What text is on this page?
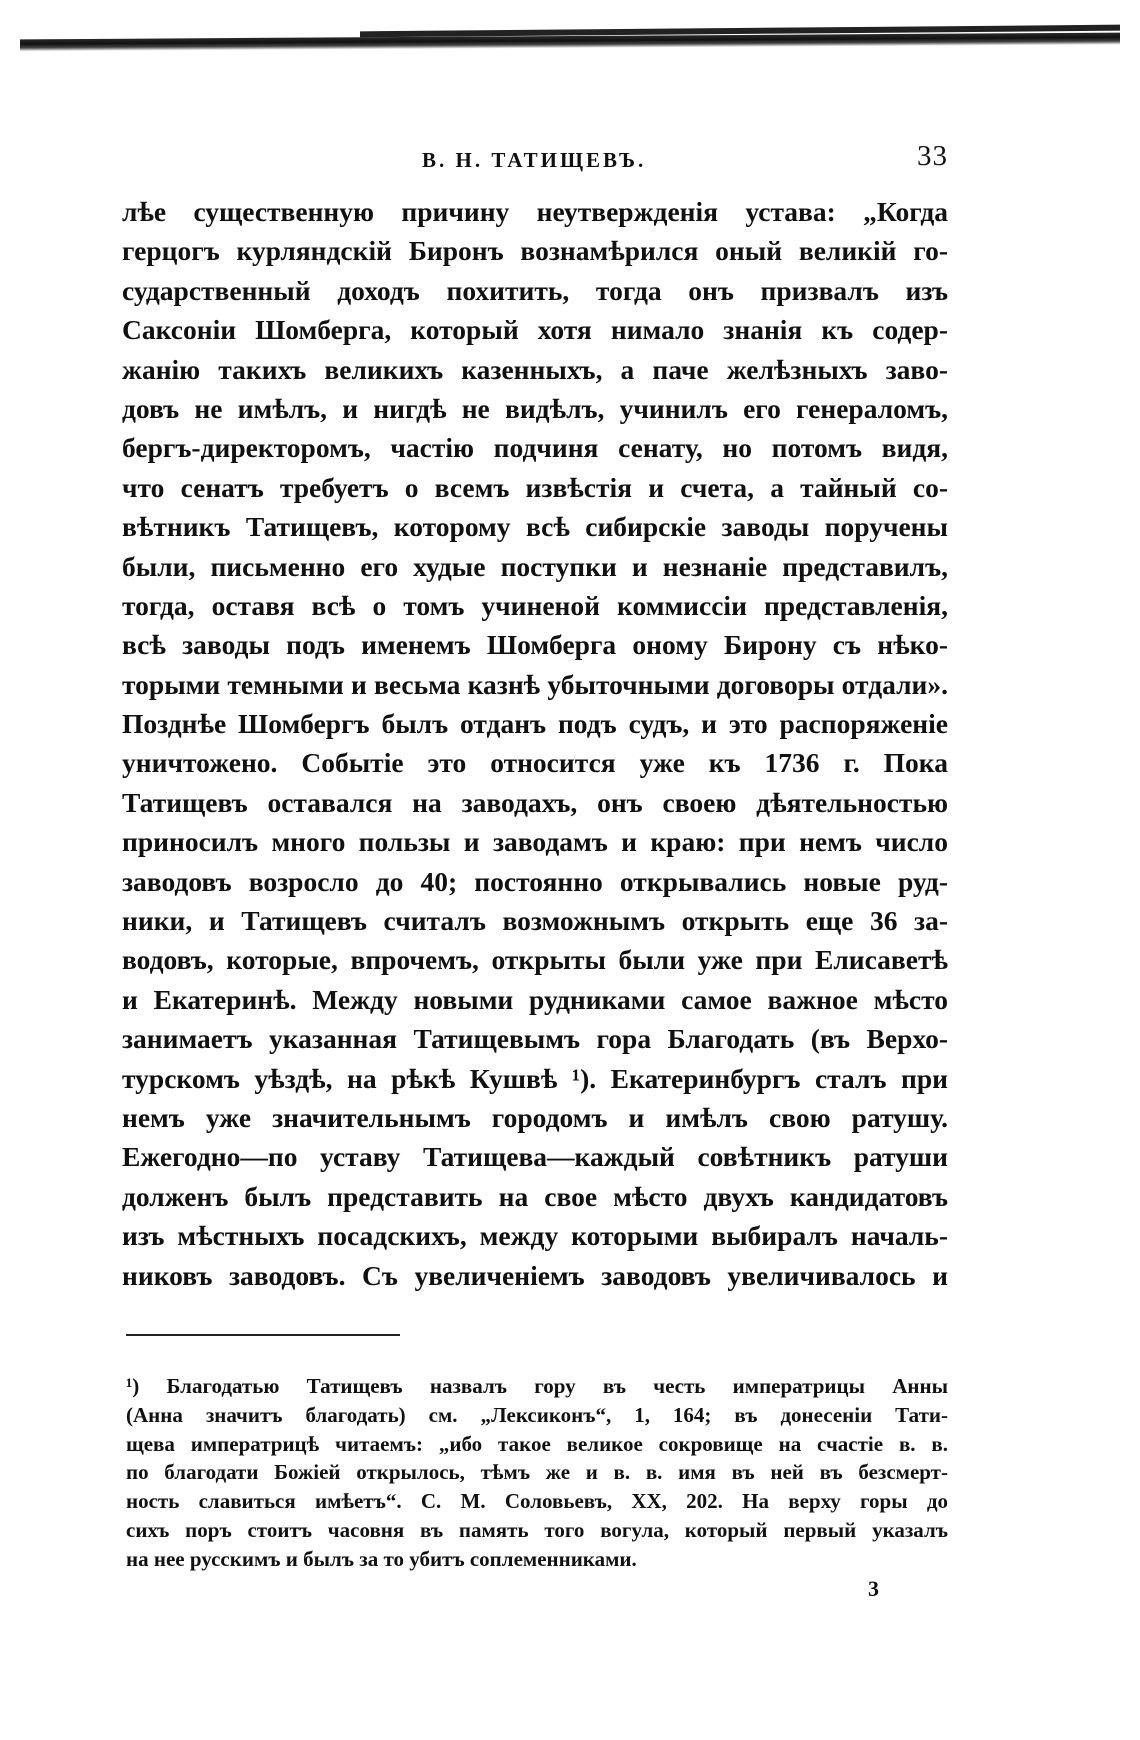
В. Н. ТАТИЩЕВЪ.	33
лѣе существенную причину неутвержденія устава: „Когда
герцогъ курляндскій Биронъ вознамѣрился оный великій го-
сударственный доходъ похитить, тогда онъ призвалъ изъ
Саксоніи Шомберга, который хотя нимало знанія къ содер-
жанію такихъ великихъ казенныхъ, а паче желѣзныхъ заво-
довъ не имѣлъ, и нигдѣ не видѣлъ, учинилъ его генераломъ,
бергъ-директоромъ, частію подчиня сенату, но потомъ видя,
что сенатъ требуетъ о всемъ извѣстія и счета, а тайный со-
вѣтникъ Татищевъ, которому всѣ сибирскіе заводы поручены
были, письменно его худые поступки и незнаніе представилъ,
тогда, оставя всѣ о томъ учиненой коммиссіи представленія,
всѣ заводы подъ именемъ Шомберга оному Бирону съ нѣко-
торыми темными и весьма казнѣ убыточными договоры отдали».
Позднѣе Шомбергъ былъ отданъ подъ судъ, и это распоряженіе
уничтожено. Событіе это относится уже къ 1736 г. Пока
Татищевъ оставался на заводахъ, онъ своею дѣятельностью
приносилъ много пользы и заводамъ и краю: при немъ число
заводовъ возросло до 40; постоянно открывались новые руд-
ники, и Татищевъ считалъ возможнымъ открыть еще 36 за-
водовъ, которые, впрочемъ, открыты были уже при Елисаветѣ
и Екатеринѣ. Между новыми рудниками самое важное мѣсто
занимаетъ указанная Татищевымъ гора Благодать (въ Верхо-
турскомъ уѣздѣ, на рѣкѣ Кушвѣ ¹). Екатеринбургъ сталъ при
немъ уже значительнымъ городомъ и имѣлъ свою ратушу.
Ежегодно—по уставу Татищева—каждый совѣтникъ ратуши
долженъ былъ представить на свое мѣсто двухъ кандидатовъ
изъ мѣстныхъ посадскихъ, между которыми выбиралъ началь-
никовъ заводовъ. Съ увеличеніемъ заводовъ увеличивалось и
¹) Благодатью Татищевъ назвалъ гору въ честь императрицы Анны
(Анна значитъ благодать) см. „Лексиконъ“, 1, 164; въ донесеніи Тати-
щева императрицѣ читаемъ: „ибо такое великое сокровище на счастіе в. в.
по благодати Божіей открылось, тѣмъ же и в. в. имя въ ней въ безсмерт-
ность славиться имѣетъ“. С. М. Соловьевъ, XX, 202. На верху горы до
сихъ поръ стоитъ часовня въ память того вогула, который первый указалъ
на нее русскимъ и былъ за то убитъ соплеменниками.
3
